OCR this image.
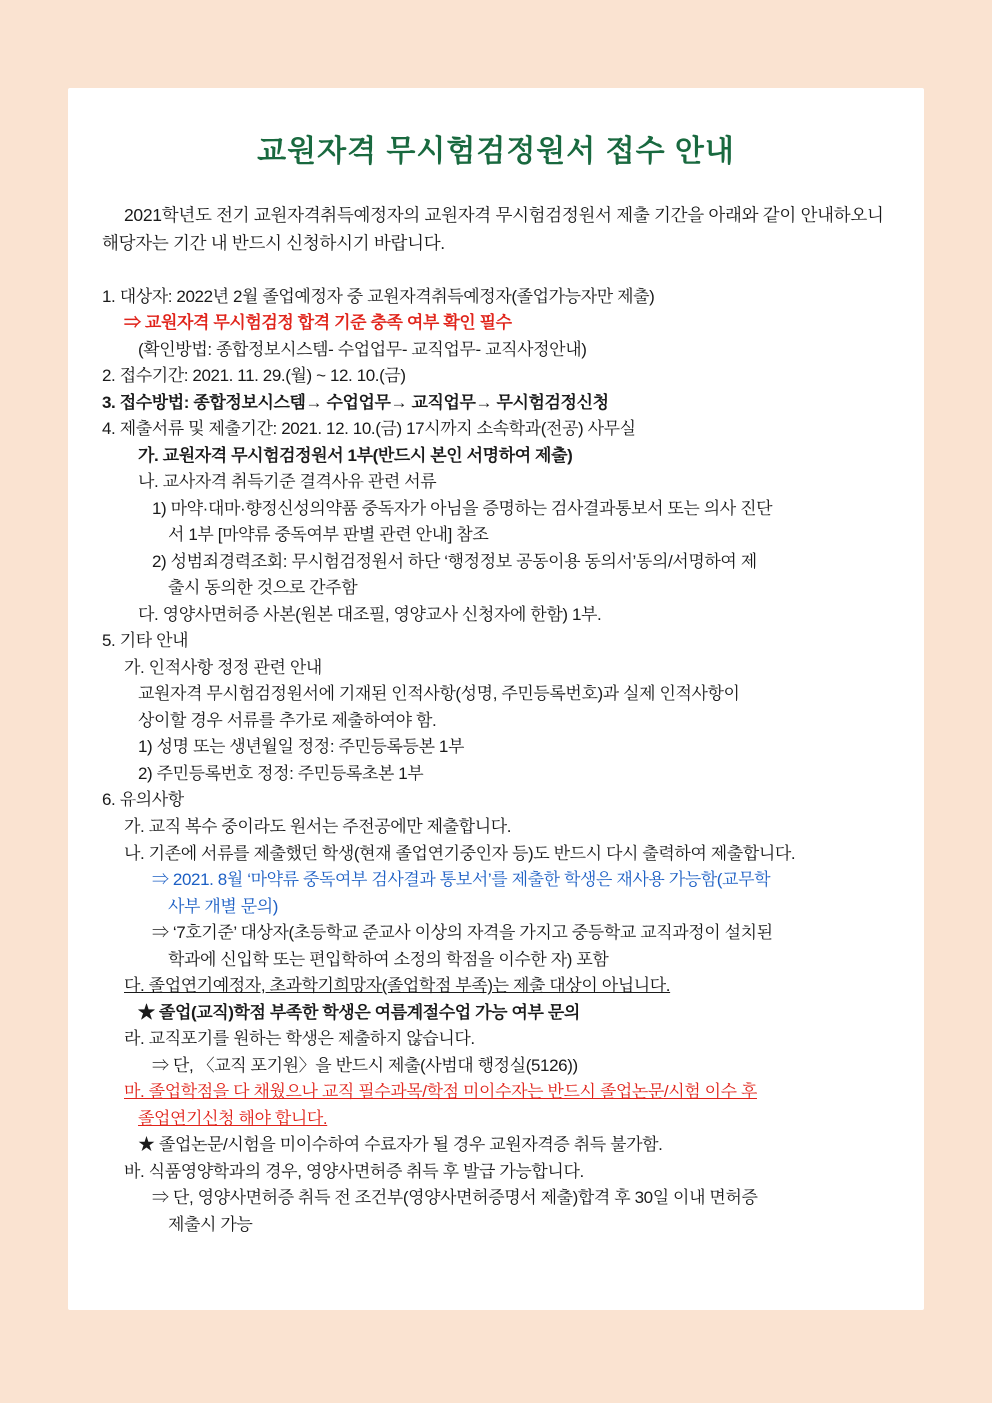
교원자격 무시험검정원서 접수 안내

2021학년도 전기 교원자격취득예정자의 교원자격 무시험검정원서 제출 기간을 아래와 같이 안내하오니 해당자는 기간 내 반드시 신청하시기 바랍니다.

1. 대상자: 2022년 2월 졸업예정자 중 교원자격취득예정자(졸업가능자만 제출)
⇒ 교원자격 무시험검정 합격 기준 충족 여부 확인 필수
(확인방법: 종합정보시스템- 수업업무- 교직업무- 교직사정안내)
2. 접수기간: 2021. 11. 29.(월) ~ 12. 10.(금)
3. 접수방법: 종합정보시스템→ 수업업무→ 교직업무→ 무시험검정신청
4. 제출서류 및 제출기간: 2021. 12. 10.(금) 17시까지 소속학과(전공) 사무실
가. 교원자격 무시험검정원서 1부(반드시 본인 서명하여 제출)
나. 교사자격 취득기준 결격사유 관련 서류
1) 마약·대마·향정신성의약품 중독자가 아님을 증명하는 검사결과통보서 또는 의사 진단
서 1부 [마약류 중독여부 판별 관련 안내] 참조
2) 성범죄경력조회: 무시험검정원서 하단 ‘행정정보 공동이용 동의서’동의/서명하여 제
출시 동의한 것으로 간주함
다. 영양사면허증 사본(원본 대조필, 영양교사 신청자에 한함) 1부.
5. 기타 안내
가. 인적사항 정정 관련 안내
교원자격 무시험검정원서에 기재된 인적사항(성명, 주민등록번호)과 실제 인적사항이
상이할 경우 서류를 추가로 제출하여야 함.
1) 성명 또는 생년월일 정정: 주민등록등본 1부
2) 주민등록번호 정정: 주민등록초본 1부
6. 유의사항
가. 교직 복수 중이라도 원서는 주전공에만 제출합니다.
나. 기존에 서류를 제출했던 학생(현재 졸업연기중인자 등)도 반드시 다시 출력하여 제출합니다.
⇒ 2021. 8월 ‘마약류 중독여부 검사결과 통보서’를 제출한 학생은 재사용 가능함(교무학
사부 개별 문의)
⇒ ‘7호기준’ 대상자(초등학교 준교사 이상의 자격을 가지고 중등학교 교직과정이 설치된
학과에 신입학 또는 편입학하여 소정의 학점을 이수한 자) 포함
다. 졸업연기예정자, 초과학기희망자(졸업학점 부족)는 제출 대상이 아닙니다.
★ 졸업(교직)학점 부족한 학생은 여름계절수업 가능 여부 문의
라. 교직포기를 원하는 학생은 제출하지 않습니다.
⇒ 단, 〈교직 포기원〉을 반드시 제출(사범대 행정실(5126))
마. 졸업학점을 다 채웠으나 교직 필수과목/학점 미이수자는 반드시 졸업논문/시험 이수 후
졸업연기신청 해야 합니다.
★ 졸업논문/시험을 미이수하여 수료자가 될 경우 교원자격증 취득 불가함.
바. 식품영양학과의 경우, 영양사면허증 취득 후 발급 가능합니다.
⇒ 단, 영양사면허증 취득 전 조건부(영양사면허증명서 제출)합격 후 30일 이내 면허증
제출시 가능
